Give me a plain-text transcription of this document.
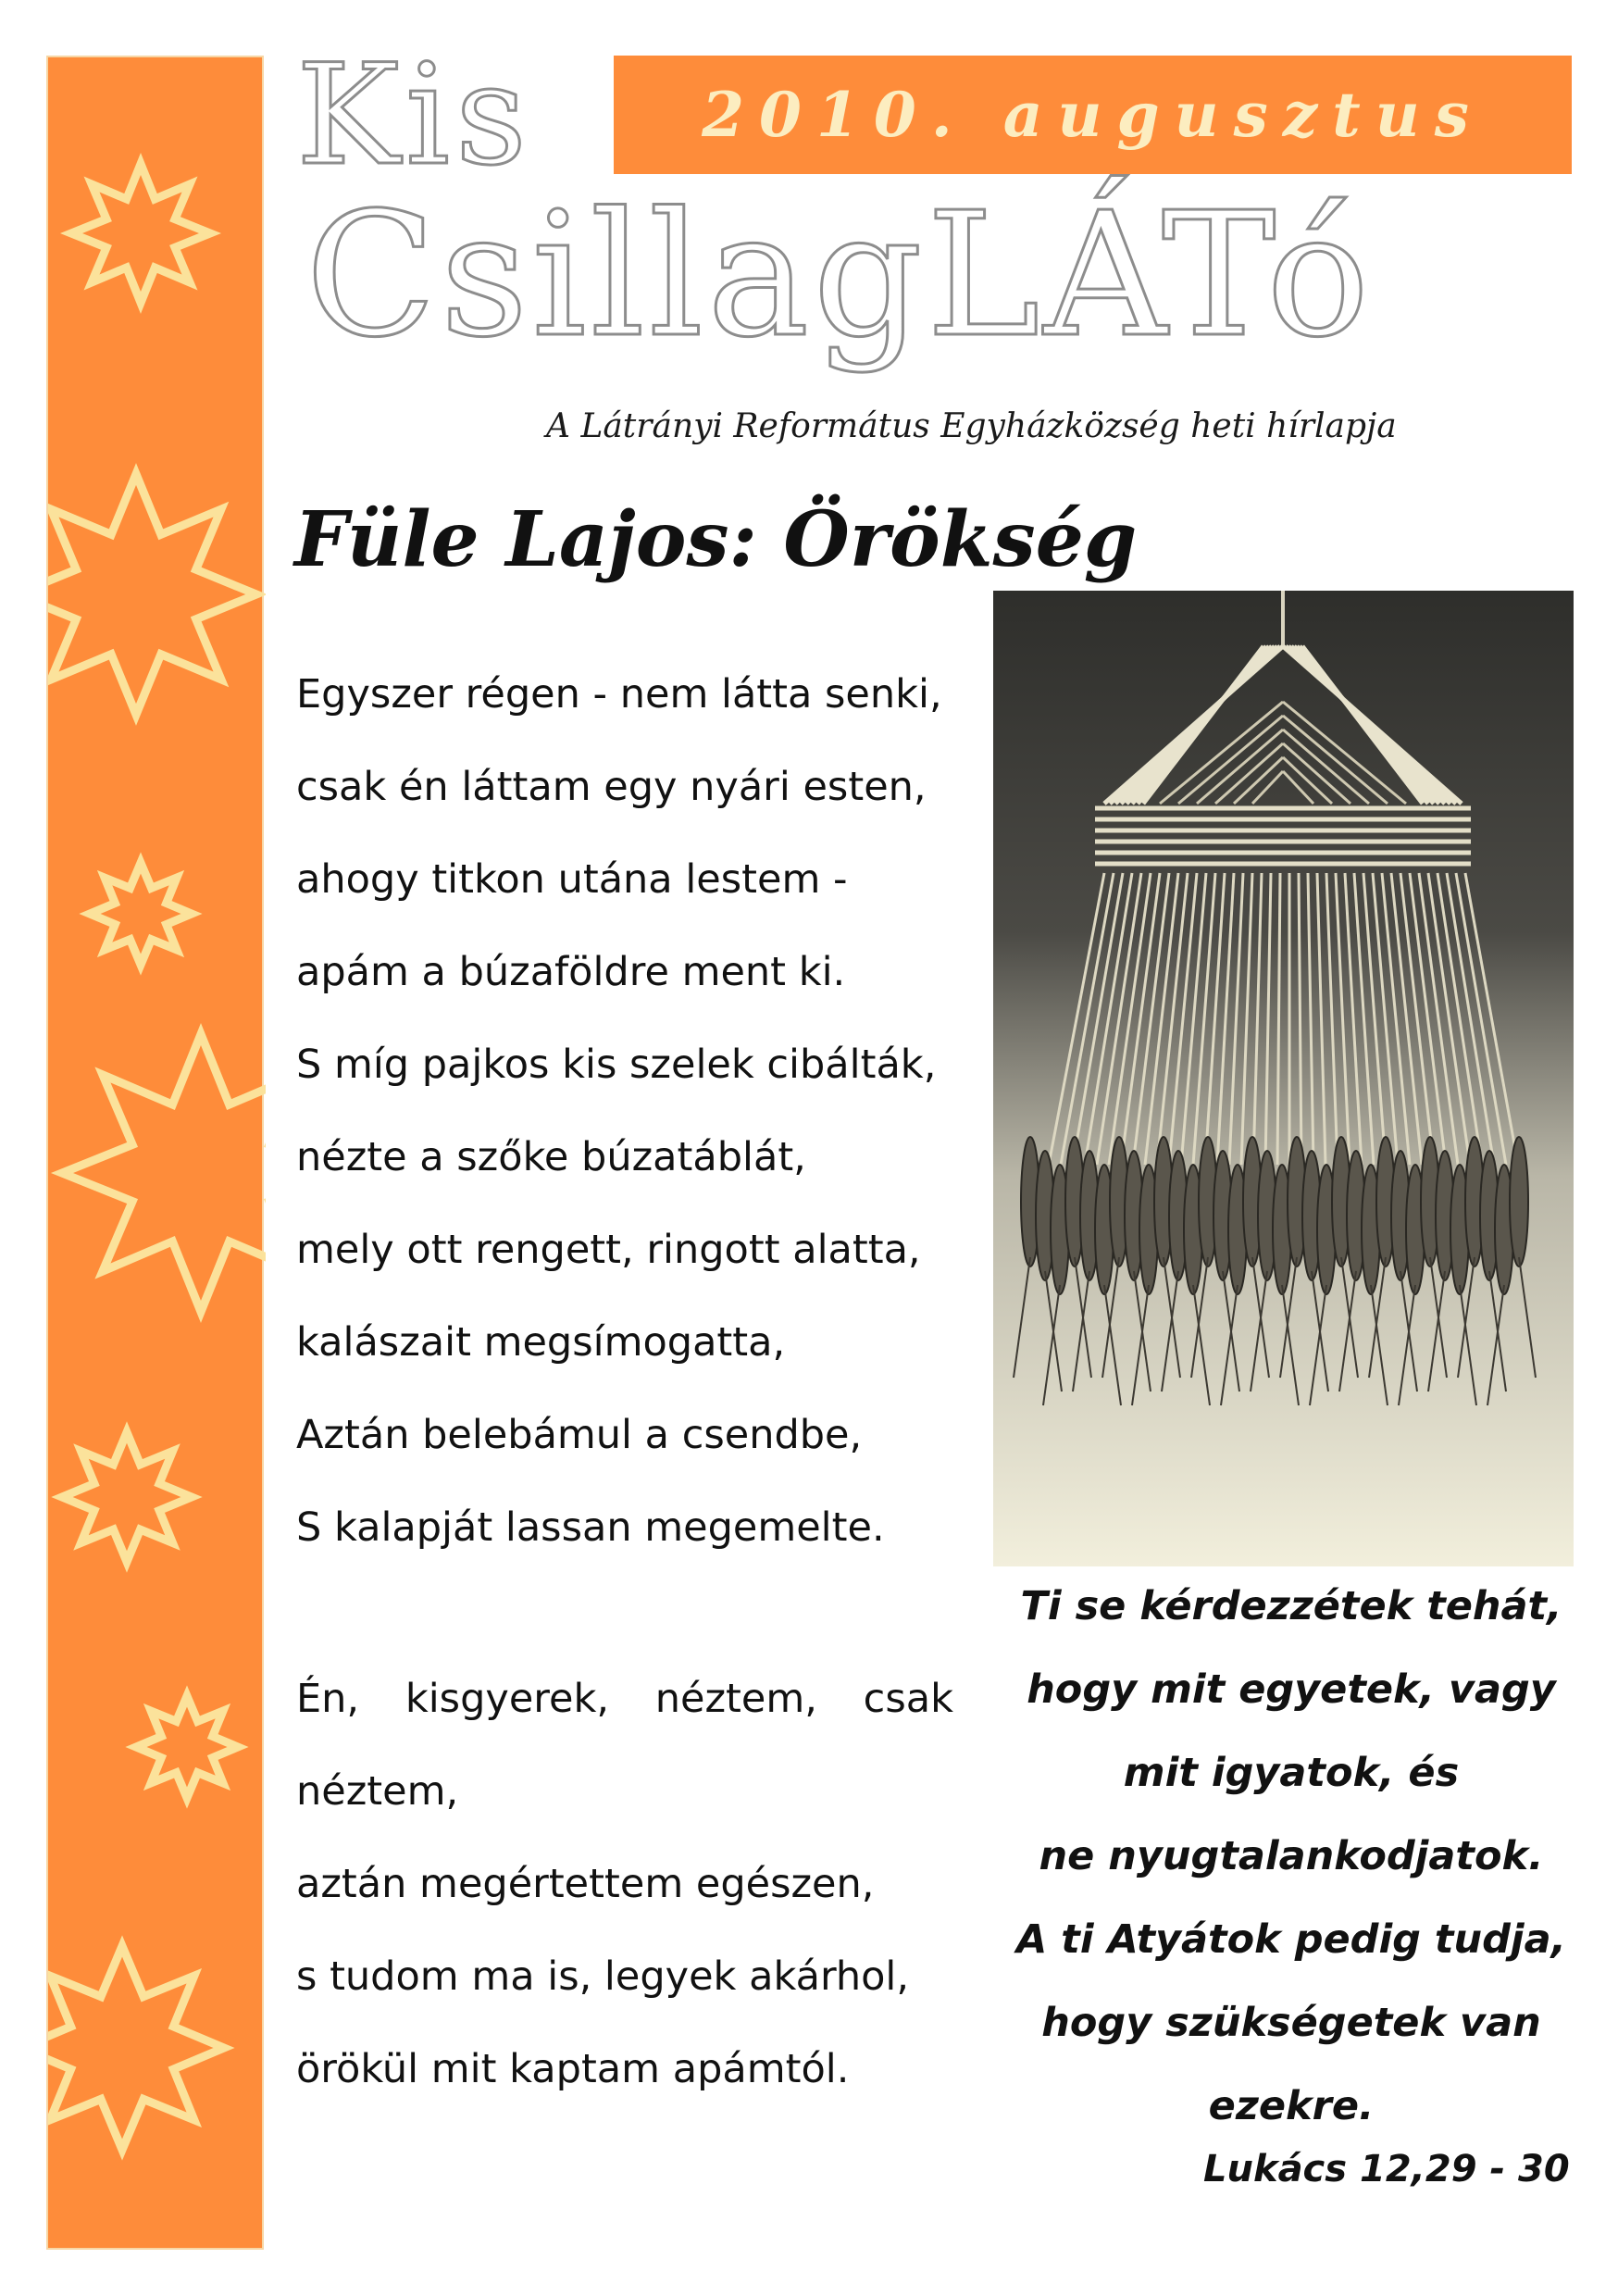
Kis	2010. augusztus
CsillagLÁTó
A Látrányi Református Egyházközség heti hírlapja
Füle Lajos: Örökség
Egyszer régen - nem látta senki,
csak én láttam egy nyári esten,
ahogy titkon utána lestem -
apám a búzaföldre ment ki.
S míg pajkos kis szelek cibálták,
nézte a szőke búzatáblát,
mely ott rengett, ringott alatta,
kalászait megsímogatta,
Aztán belebámul a csendbe,
S kalapját lassan megemelte.
Én, kisgyerek, néztem, csak
néztem,
aztán megértettem egészen,
s tudom ma is, legyek akárhol,
örökül mit kaptam apámtól.
Ti se kérdezzétek tehát,
hogy mit egyetek, vagy
mit igyatok, és
ne nyugtalankodjatok.
A ti Atyátok pedig tudja,
hogy szükségetek van
ezekre.
Lukács 12,29 - 30
